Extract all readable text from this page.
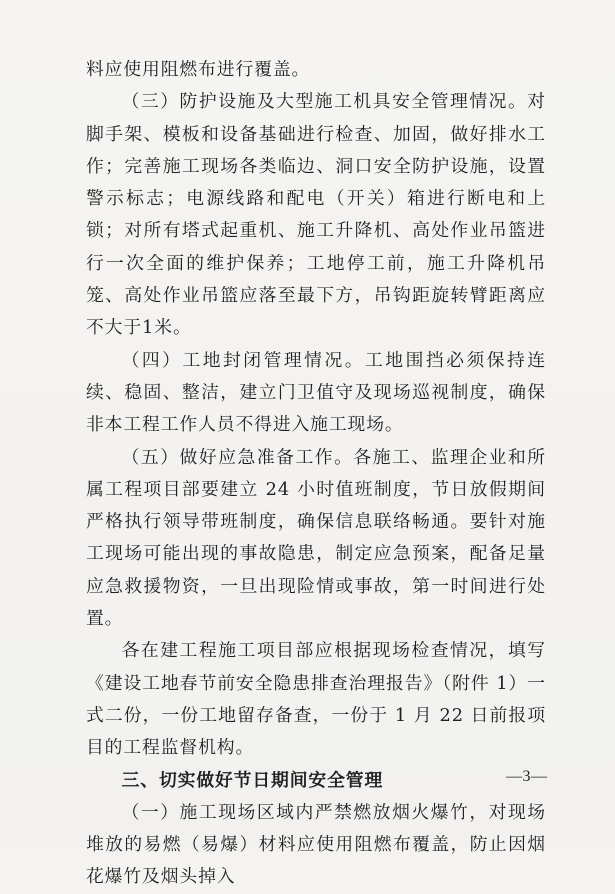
料应使用阻燃布进行覆盖。

（三）防护设施及大型施工机具安全管理情况。对脚手架、模板和设备基础进行检查、加固，做好排水工作；完善施工现场各类临边、洞口安全防护设施，设置警示标志；电源线路和配电（开关）箱进行断电和上锁；对所有塔式起重机、施工升降机、高处作业吊篮进行一次全面的维护保养；工地停工前，施工升降机吊笼、高处作业吊篮应落至最下方，吊钩距旋转臂距离应不大于1米。

（四）工地封闭管理情况。工地围挡必须保持连续、稳固、整洁，建立门卫值守及现场巡视制度，确保非本工程工作人员不得进入施工现场。

（五）做好应急准备工作。各施工、监理企业和所属工程项目部要建立 24 小时值班制度，节日放假期间严格执行领导带班制度，确保信息联络畅通。要针对施工现场可能出现的事故隐患，制定应急预案，配备足量应急救援物资，一旦出现险情或事故，第一时间进行处置。

各在建工程施工项目部应根据现场检查情况，填写《建设工地春节前安全隐患排查治理报告》（附件 1）一式二份，一份工地留存备查，一份于 1 月 22 日前报项目的工程监督机构。

三、切实做好节日期间安全管理

（一）施工现场区域内严禁燃放烟火爆竹，对现场堆放的易燃（易爆）材料应使用阻燃布覆盖，防止因烟花爆竹及烟头掉入

—3—
